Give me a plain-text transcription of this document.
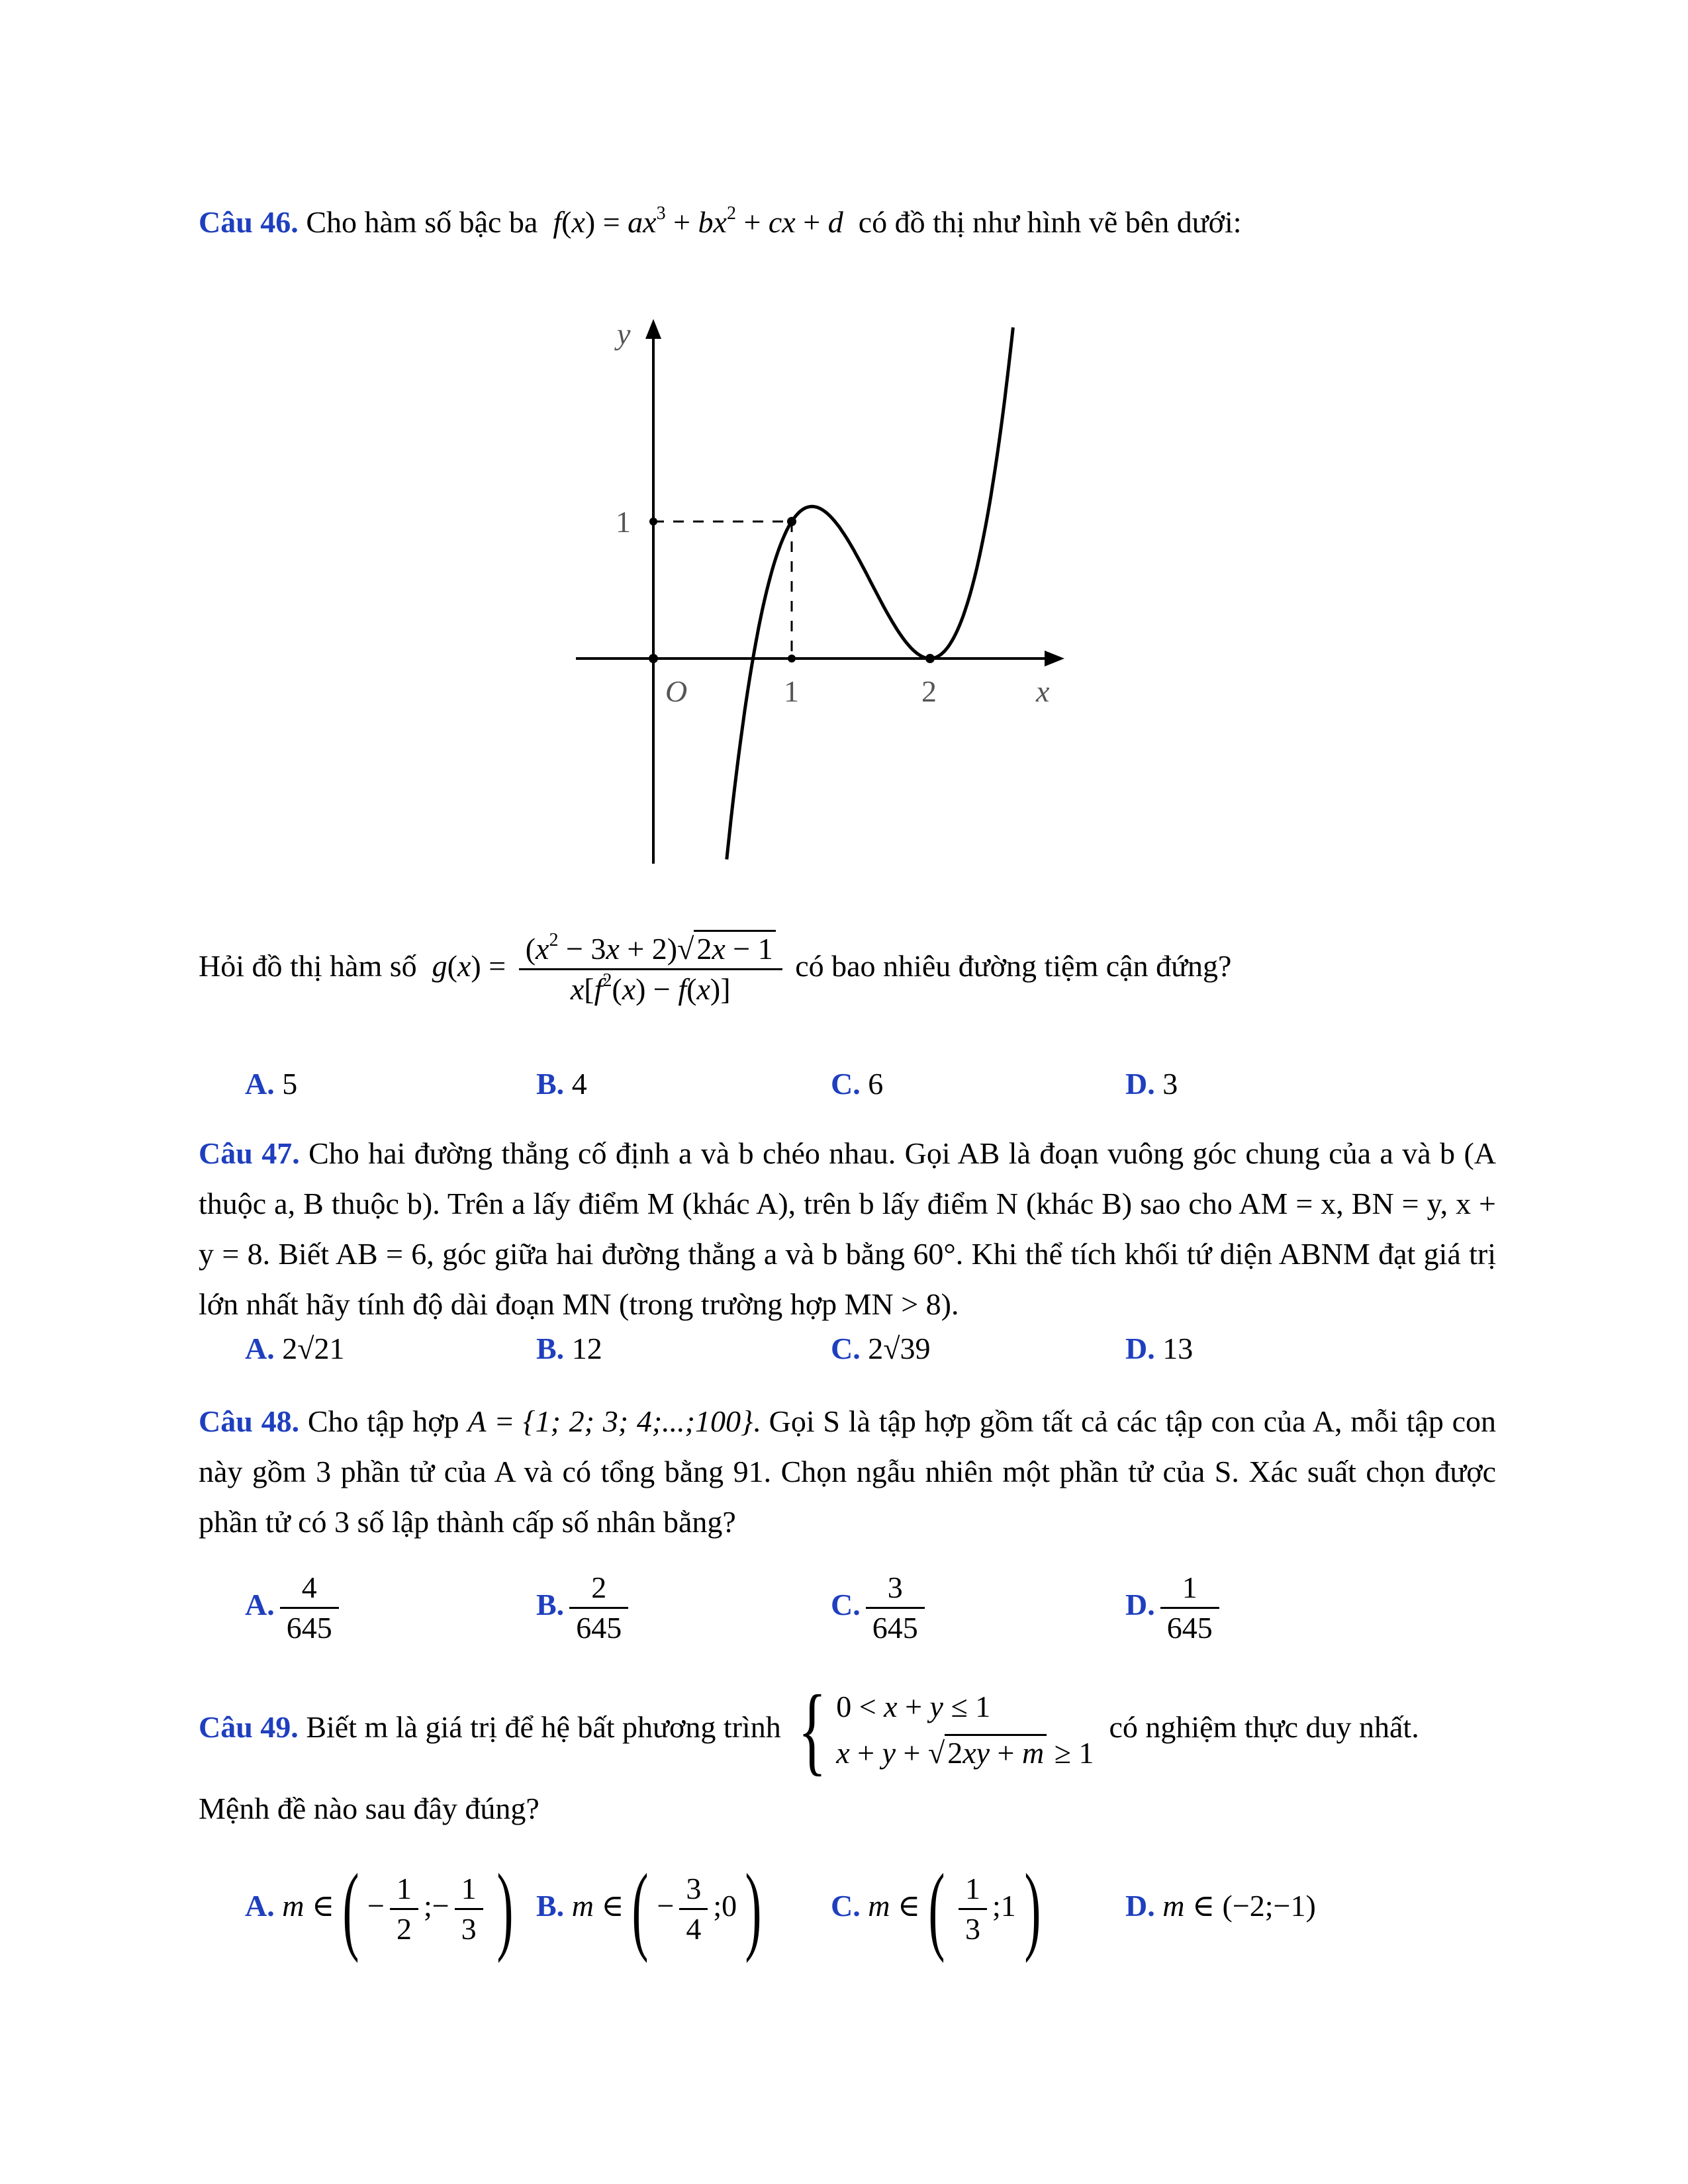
Câu 46. Cho hàm số bậc ba $f(x) = ax^3 + bx^2$ + cx + d có đồ thị như hình vẽ bên dưới:
y
x
O	1	2
1
Hỏi đồ thị hàm số $g(x) = \frac{(x^2 - 3x + 2)√2x - 1}{x[f^2(x) - f(x)]}$ có bao nhiêu đường tiệm cận đứng?
A. 5	B. 4	C. 6	D. 3
Câu 47. Cho hai đường thẳng cố định a và b chéo nhau. Gọi AB là đoạn vuông góc chung của a và b (A thuộc a, B thuộc b). Trên a lấy điểm M (khác A), trên b lấy điểm N (khác B) sao cho AM = x, BN = y, x + y = 8. Biết AB = 6, góc giữa hai đường thẳng a và b bằng 60°. Khi thể tích khối tứ diện ABNM đạt giá trị lớn nhất hãy tính độ dài đoạn MN (trong trường hợp MN > 8).
A. 2√21	B. 12	C. 2√39	D. 13
Câu 48. Cho tập hợp A = {1; 2; 3; 4;...;100}. Gọi S là tập hợp gồm tất cả các tập con của A, mỗi tập con này gồm 3 phần tử của A và có tổng bằng 91. Chọn ngẫu nhiên một phần tử của S. Xác suất chọn được phần tử có 3 số lập thành cấp số nhân bằng?
A. $\frac{4}{645}$	B. $\frac{2}{645}$	C. $\frac{3}{645}$	D. $\frac{1}{645}$
Câu 49. Biết m là giá trị để hệ bất phương trình { 0 < x + y ≤ 1
x + y + √2xy + m ≥ 1  có nghiệm thực duy nhất.
Mệnh đề nào sau đây đúng?
A. m ∈( − $\frac{1}{2}$ ;− $\frac{1}{3}$ ) B. m ∈( − $\frac{3}{4}$ ;0) C. m ∈( $\frac{1}{3}$ ;1)	D. m ∈ (−2;−1)
